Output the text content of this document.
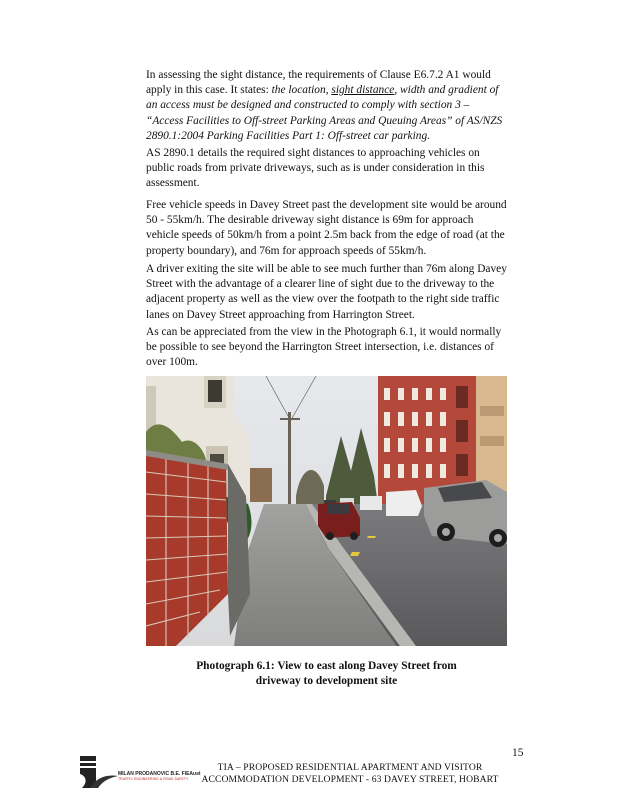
In assessing the sight distance, the requirements of Clause E6.7.2 A1 would apply in this case. It states: the location, sight distance, width and gradient of an access must be designed and constructed to comply with section 3 – “Access Facilities to Off-street Parking Areas and Queuing Areas” of AS/NZS 2890.1:2004 Parking Facilities Part 1: Off-street car parking.

AS 2890.1 details the required sight distances to approaching vehicles on public roads from private driveways, such as is under consideration in this assessment.

Free vehicle speeds in Davey Street past the development site would be around 50 - 55km/h. The desirable driveway sight distance is 69m for approach vehicle speeds of 50km/h from a point 2.5m back from the edge of road (at the property boundary), and 76m for approach speeds of 55km/h.

A driver exiting the site will be able to see much further than 76m along Davey Street with the advantage of a clearer line of sight due to the driveway to the adjacent property as well as the view over the footpath to the right side traffic lanes on Davey Street approaching from Harrington Street.

As can be appreciated from the view in the Photograph 6.1, it would normally be possible to see beyond the Harrington Street intersection, i.e. distances of over 100m.

Photograph 6.1: View to east along Davey Street from
driveway to development site
15
TIA – PROPOSED RESIDENTIAL APARTMENT AND VISITOR
ACCOMMODATION DEVELOPMENT - 63 DAVEY STREET, HOBART
MILAN PRODANOVIC B.E. FIEAust
TRAFFIC ENGINEERING & ROAD SAFETY
